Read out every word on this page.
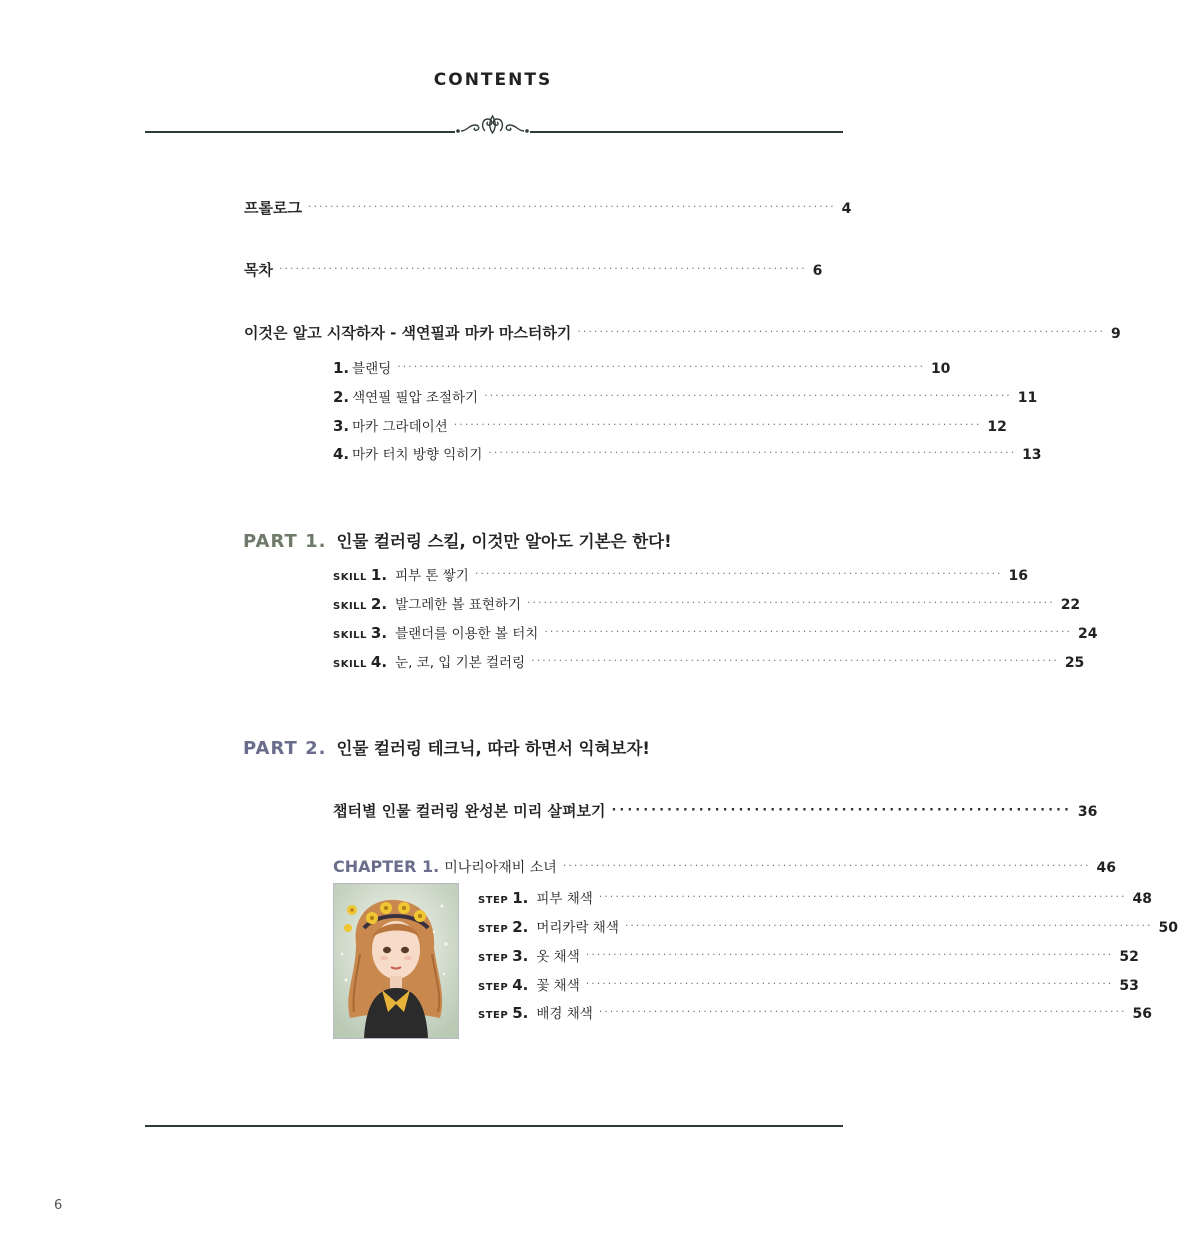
CONTENTS
프롤로그 ································································································ 4
목차 ································································································ 6
이것은 알고 시작하자 - 색연필과 마카 마스터하기 ································································································ 9
1. 블랜딩 ································································································ 10
2. 색연필 필압 조절하기 ································································································ 11
3. 마카 그라데이션 ································································································ 12
4. 마카 터치 방향 익히기 ································································································ 13
PART 1. 인물 컬러링 스킬, 이것만 알아도 기본은 한다!
SKILL 1. 피부 톤 쌓기 ································································································ 16
SKILL 2. 발그레한 볼 표현하기 ································································································ 22
SKILL 3. 블랜더를 이용한 볼 터치 ································································································ 24
SKILL 4. 눈, 코, 입 기본 컬러링 ································································································ 25
PART 2. 인물 컬러링 테크닉, 따라 하면서 익혀보자!
챕터별 인물 컬러링 완성본 미리 살펴보기 ·························································· 36
CHAPTER 1. 미나리아재비 소녀 ································································································ 46
STEP 1. 피부 채색 ································································································ 48
STEP 2. 머리카락 채색 ································································································ 50
STEP 3. 옷 채색 ································································································ 52
STEP 4. 꽃 채색 ································································································ 53
STEP 5. 배경 채색 ································································································ 56
6
